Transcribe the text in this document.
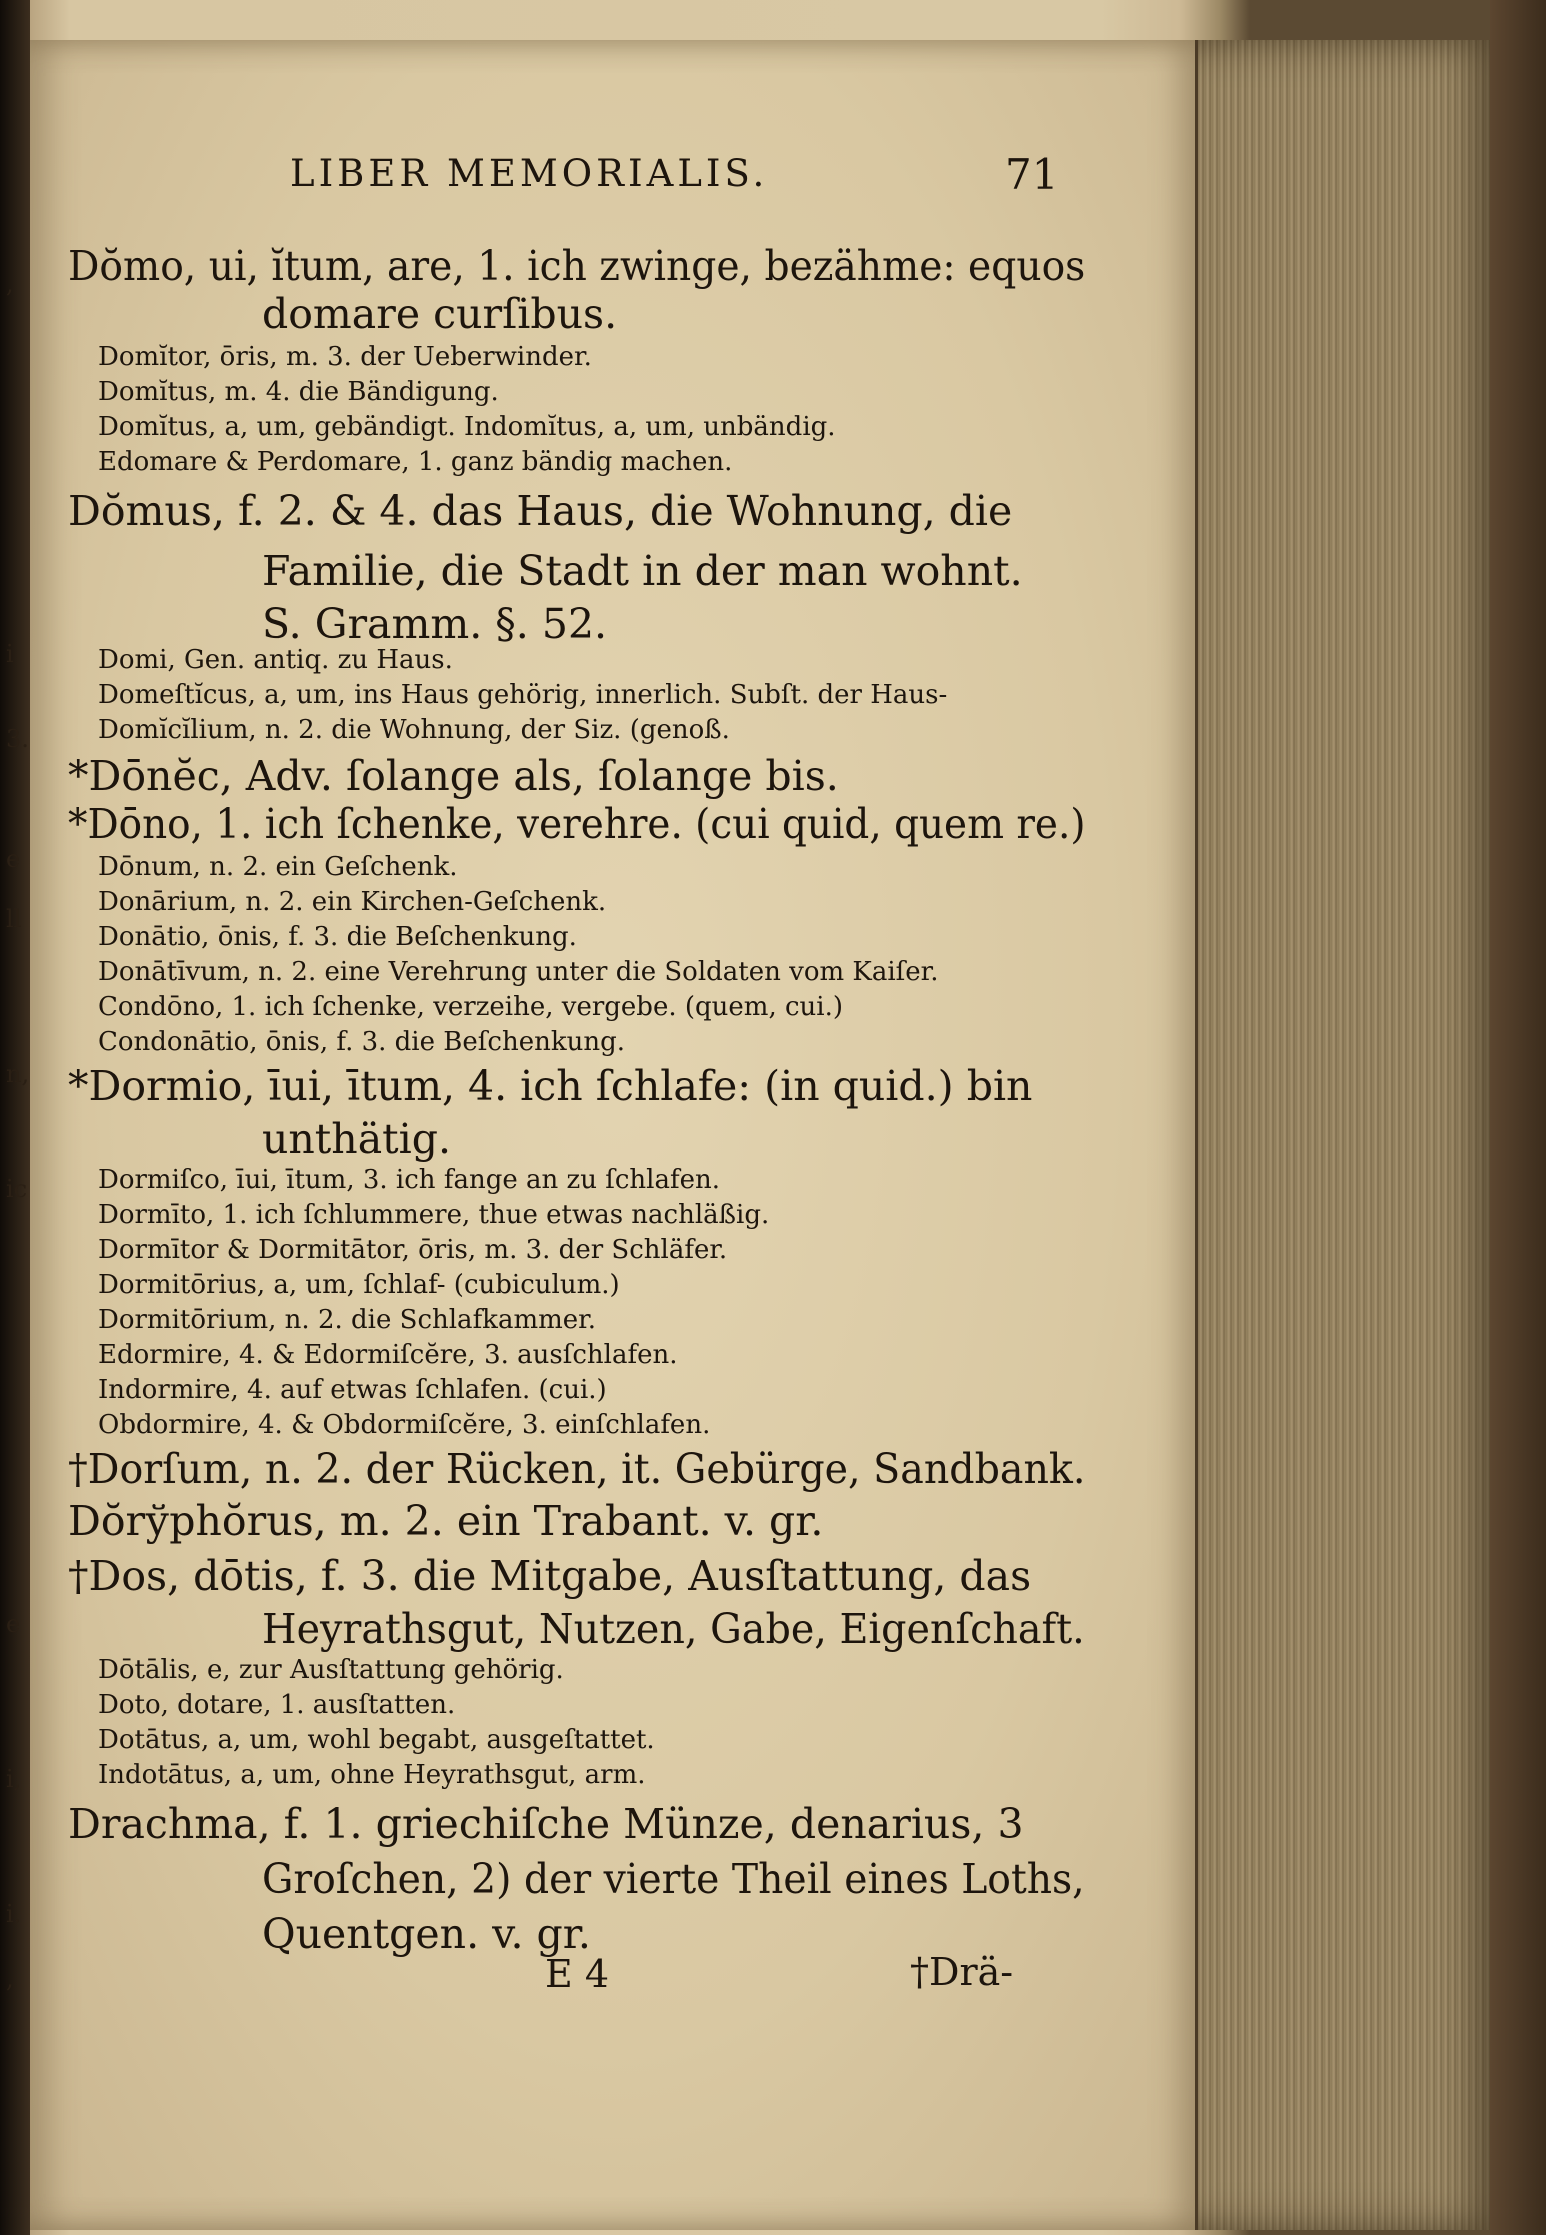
,
i
3.
e
ll
n,
ic
e
i,
i.
,
LIBER MEMORIALIS.	71
Dŏmo, ui, ĭtum, are, 1. ich zwinge, bezähme: equos
domare curſibus.
Domĭtor, ōris, m. 3. der Ueberwinder.
Domĭtus, m. 4. die Bändigung.
Domĭtus, a, um, gebändigt. Indomĭtus, a, um, unbändig.
Edomare & Perdomare, 1. ganz bändig machen.
Dŏmus, f. 2. & 4. das Haus, die Wohnung, die
Familie, die Stadt in der man wohnt.
S. Gramm. §. 52.
Domi, Gen. antiq. zu Haus.
Domeſtĭcus, a, um, ins Haus gehörig, innerlich. Subſt. der Haus-
Domĭcĭlium, n. 2. die Wohnung, der Siz. (genoß.
*Dōnĕc, Adv. ſolange als, ſolange bis.
*Dōno, 1. ich ſchenke, verehre. (cui quid, quem re.)
Dōnum, n. 2. ein Geſchenk.
Donārium, n. 2. ein Kirchen-Geſchenk.
Donātio, ōnis, f. 3. die Beſchenkung.
Donātīvum, n. 2. eine Verehrung unter die Soldaten vom Kaiſer.
Condōno, 1. ich ſchenke, verzeihe, vergebe. (quem, cui.)
Condonātio, ōnis, f. 3. die Beſchenkung.
*Dormio, īui, ītum, 4. ich ſchlafe: (in quid.) bin
unthätig.
Dormiſco, īui, ītum, 3. ich fange an zu ſchlafen.
Dormīto, 1. ich ſchlummere, thue etwas nachläßig.
Dormītor & Dormitātor, ōris, m. 3. der Schläfer.
Dormitōrius, a, um, ſchlaf- (cubiculum.)
Dormitōrium, n. 2. die Schlafkammer.
Edormire, 4. & Edormiſcĕre, 3. ausſchlafen.
Indormire, 4. auf etwas ſchlafen. (cui.)
Obdormire, 4. & Obdormiſcĕre, 3. einſchlafen.
†Dorſum, n. 2. der Rücken, it. Gebürge, Sandbank.
Dŏrўphŏrus, m. 2. ein Trabant. v. gr.
†Dos, dōtis, f. 3. die Mitgabe, Ausſtattung, das
Heyrathsgut, Nutzen, Gabe, Eigenſchaft.
Dōtālis, e, zur Ausſtattung gehörig.
Doto, dotare, 1. ausſtatten.
Dotātus, a, um, wohl begabt, ausgeſtattet.
Indotātus, a, um, ohne Heyrathsgut, arm.
Drachma, f. 1. griechiſche Münze, denarius, 3
Groſchen, 2) der vierte Theil eines Loths,
Quentgen. v. gr.
E 4	†Drä-
